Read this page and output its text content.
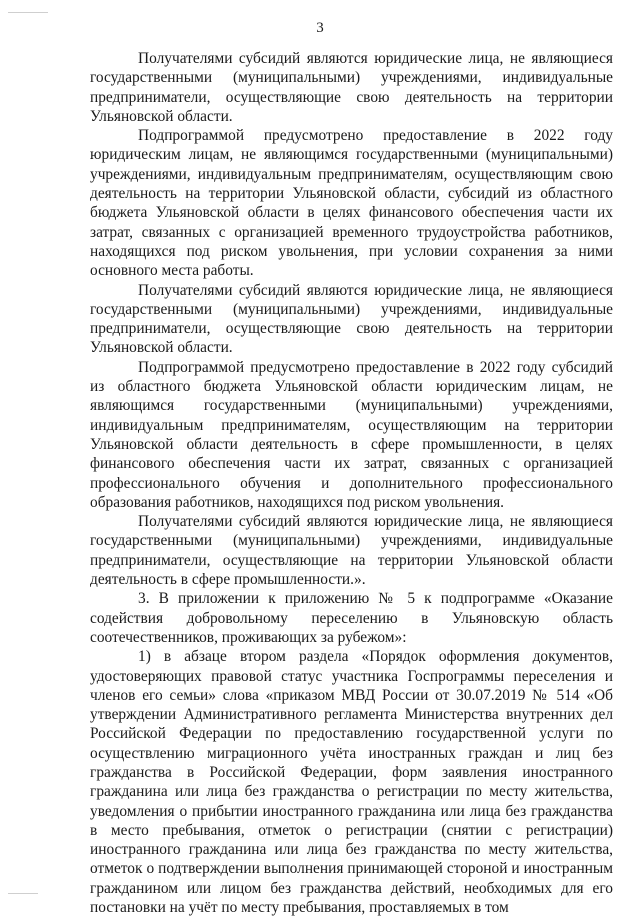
3

Получателями субсидий являются юридические лица, не являющиеся государственными (муниципальными) учреждениями, индивидуальные предприниматели, осуществляющие свою деятельность на территории Ульяновской области.

Подпрограммой предусмотрено предоставление в 2022 году юридическим лицам, не являющимся государственными (муниципальными) учреждениями, индивидуальным предпринимателям, осуществляющим свою деятельность на территории Ульяновской области, субсидий из областного бюджета Ульяновской области в целях финансового обеспечения части их затрат, связанных с организацией временного трудоустройства работников, находящихся под риском увольнения, при условии сохранения за ними основного места работы.

Получателями субсидий являются юридические лица, не являющиеся государственными (муниципальными) учреждениями, индивидуальные предприниматели, осуществляющие свою деятельность на территории Ульяновской области.

Подпрограммой предусмотрено предоставление в 2022 году субсидий из областного бюджета Ульяновской области юридическим лицам, не являющимся государственными (муниципальными) учреждениями, индивидуальным предпринимателям, осуществляющим на территории Ульяновской области деятельность в сфере промышленности, в целях финансового обеспечения части их затрат, связанных с организацией профессионального обучения и дополнительного профессионального образования работников, находящихся под риском увольнения.

Получателями субсидий являются юридические лица, не являющиеся государственными (муниципальными) учреждениями, индивидуальные предприниматели, осуществляющие на территории Ульяновской области деятельность в сфере промышленности.».

3. В приложении к приложению № 5 к подпрограмме «Оказание содействия добровольному переселению в Ульяновскую область соотечественников, проживающих за рубежом»:

1) в абзаце втором раздела «Порядок оформления документов, удостоверяющих правовой статус участника Госпрограммы переселения и членов его семьи» слова «приказом МВД России от 30.07.2019 № 514 «Об утверждении Административного регламента Министерства внутренних дел Российской Федерации по предоставлению государственной услуги по осуществлению миграционного учёта иностранных граждан и лиц без гражданства в Российской Федерации, форм заявления иностранного гражданина или лица без гражданства о регистрации по месту жительства, уведомления о прибытии иностранного гражданина или лица без гражданства в место пребывания, отметок о регистрации (снятии с регистрации) иностранного гражданина или лица без гражданства по месту жительства, отметок о подтверждении выполнения принимающей стороной и иностранным гражданином или лицом без гражданства действий, необходимых для его постановки на учёт по месту пребывания, проставляемых в том
